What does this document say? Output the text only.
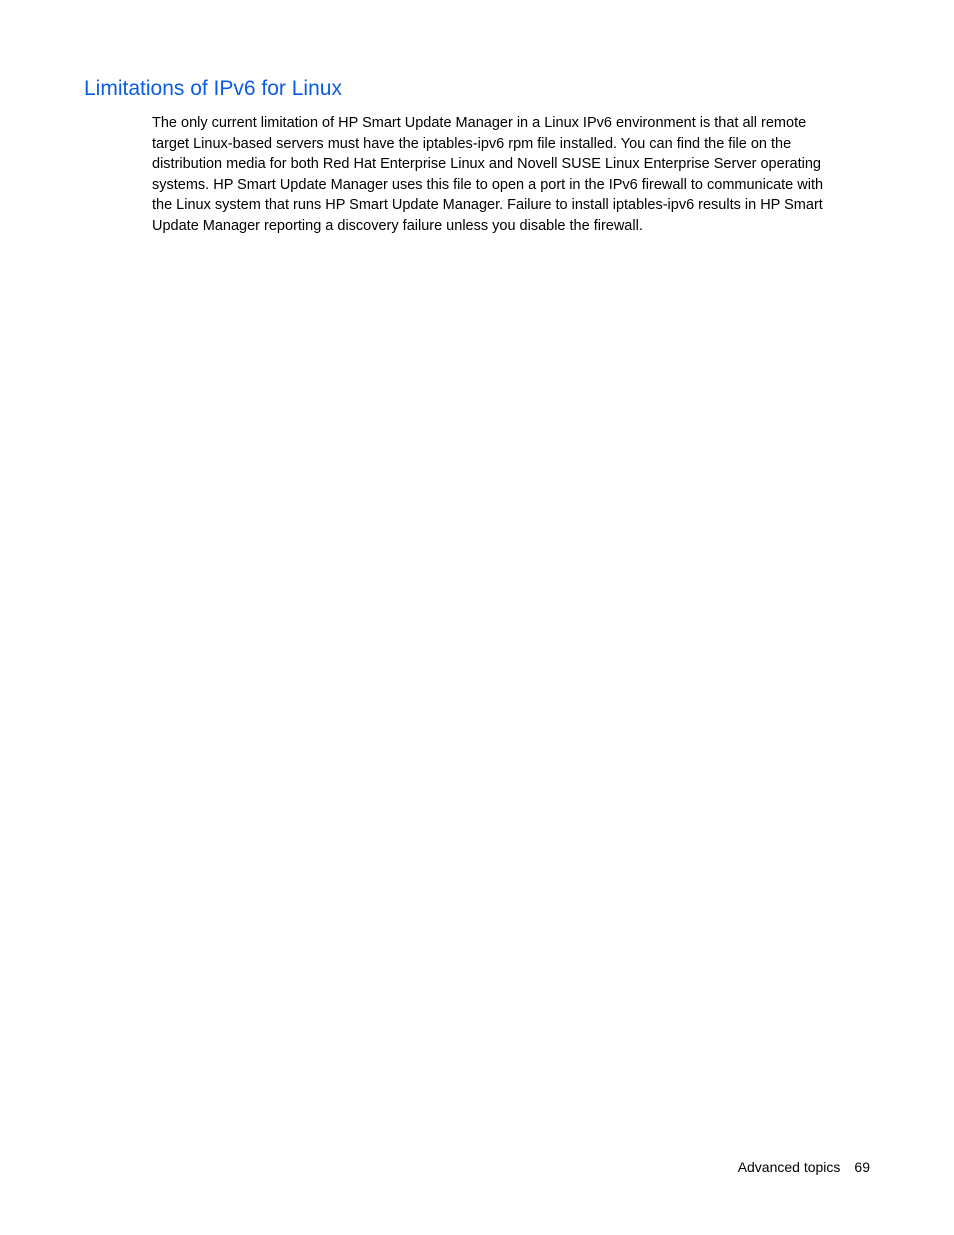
Limitations of IPv6 for Linux

The only current limitation of HP Smart Update Manager in a Linux IPv6 environment is that all remote
target Linux-based servers must have the iptables-ipv6 rpm file installed. You can find the file on the
distribution media for both Red Hat Enterprise Linux and Novell SUSE Linux Enterprise Server operating
systems. HP Smart Update Manager uses this file to open a port in the IPv6 firewall to communicate with
the Linux system that runs HP Smart Update Manager. Failure to install iptables-ipv6 results in HP Smart
Update Manager reporting a discovery failure unless you disable the firewall.

Advanced topics 69
